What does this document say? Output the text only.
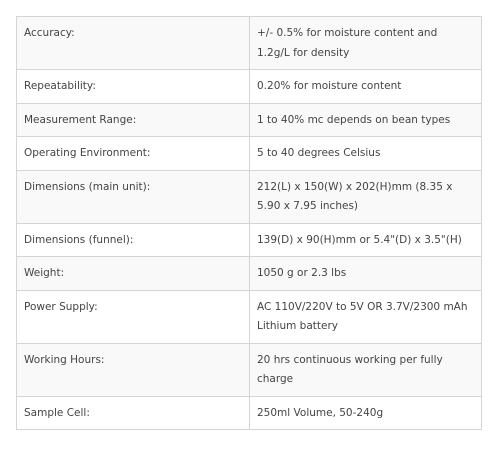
Accuracy:	+/- 0.5% for moisture content and 1.2g/L for density
Repeatability:	0.20% for moisture content
Measurement Range:	1 to 40% mc depends on bean types
Operating Environment:	5 to 40 degrees Celsius
Dimensions (main unit):	212(L) x 150(W) x 202(H)mm (8.35 x 5.90 x 7.95 inches)
Dimensions (funnel):	139(D) x 90(H)mm or 5.4"(D) x 3.5"(H)
Weight:	1050 g or 2.3 lbs
Power Supply:	AC 110V/220V to 5V OR 3.7V/2300 mAh Lithium battery
Working Hours:	20 hrs continuous working per fully charge
Sample Cell:	250ml Volume, 50-240g
